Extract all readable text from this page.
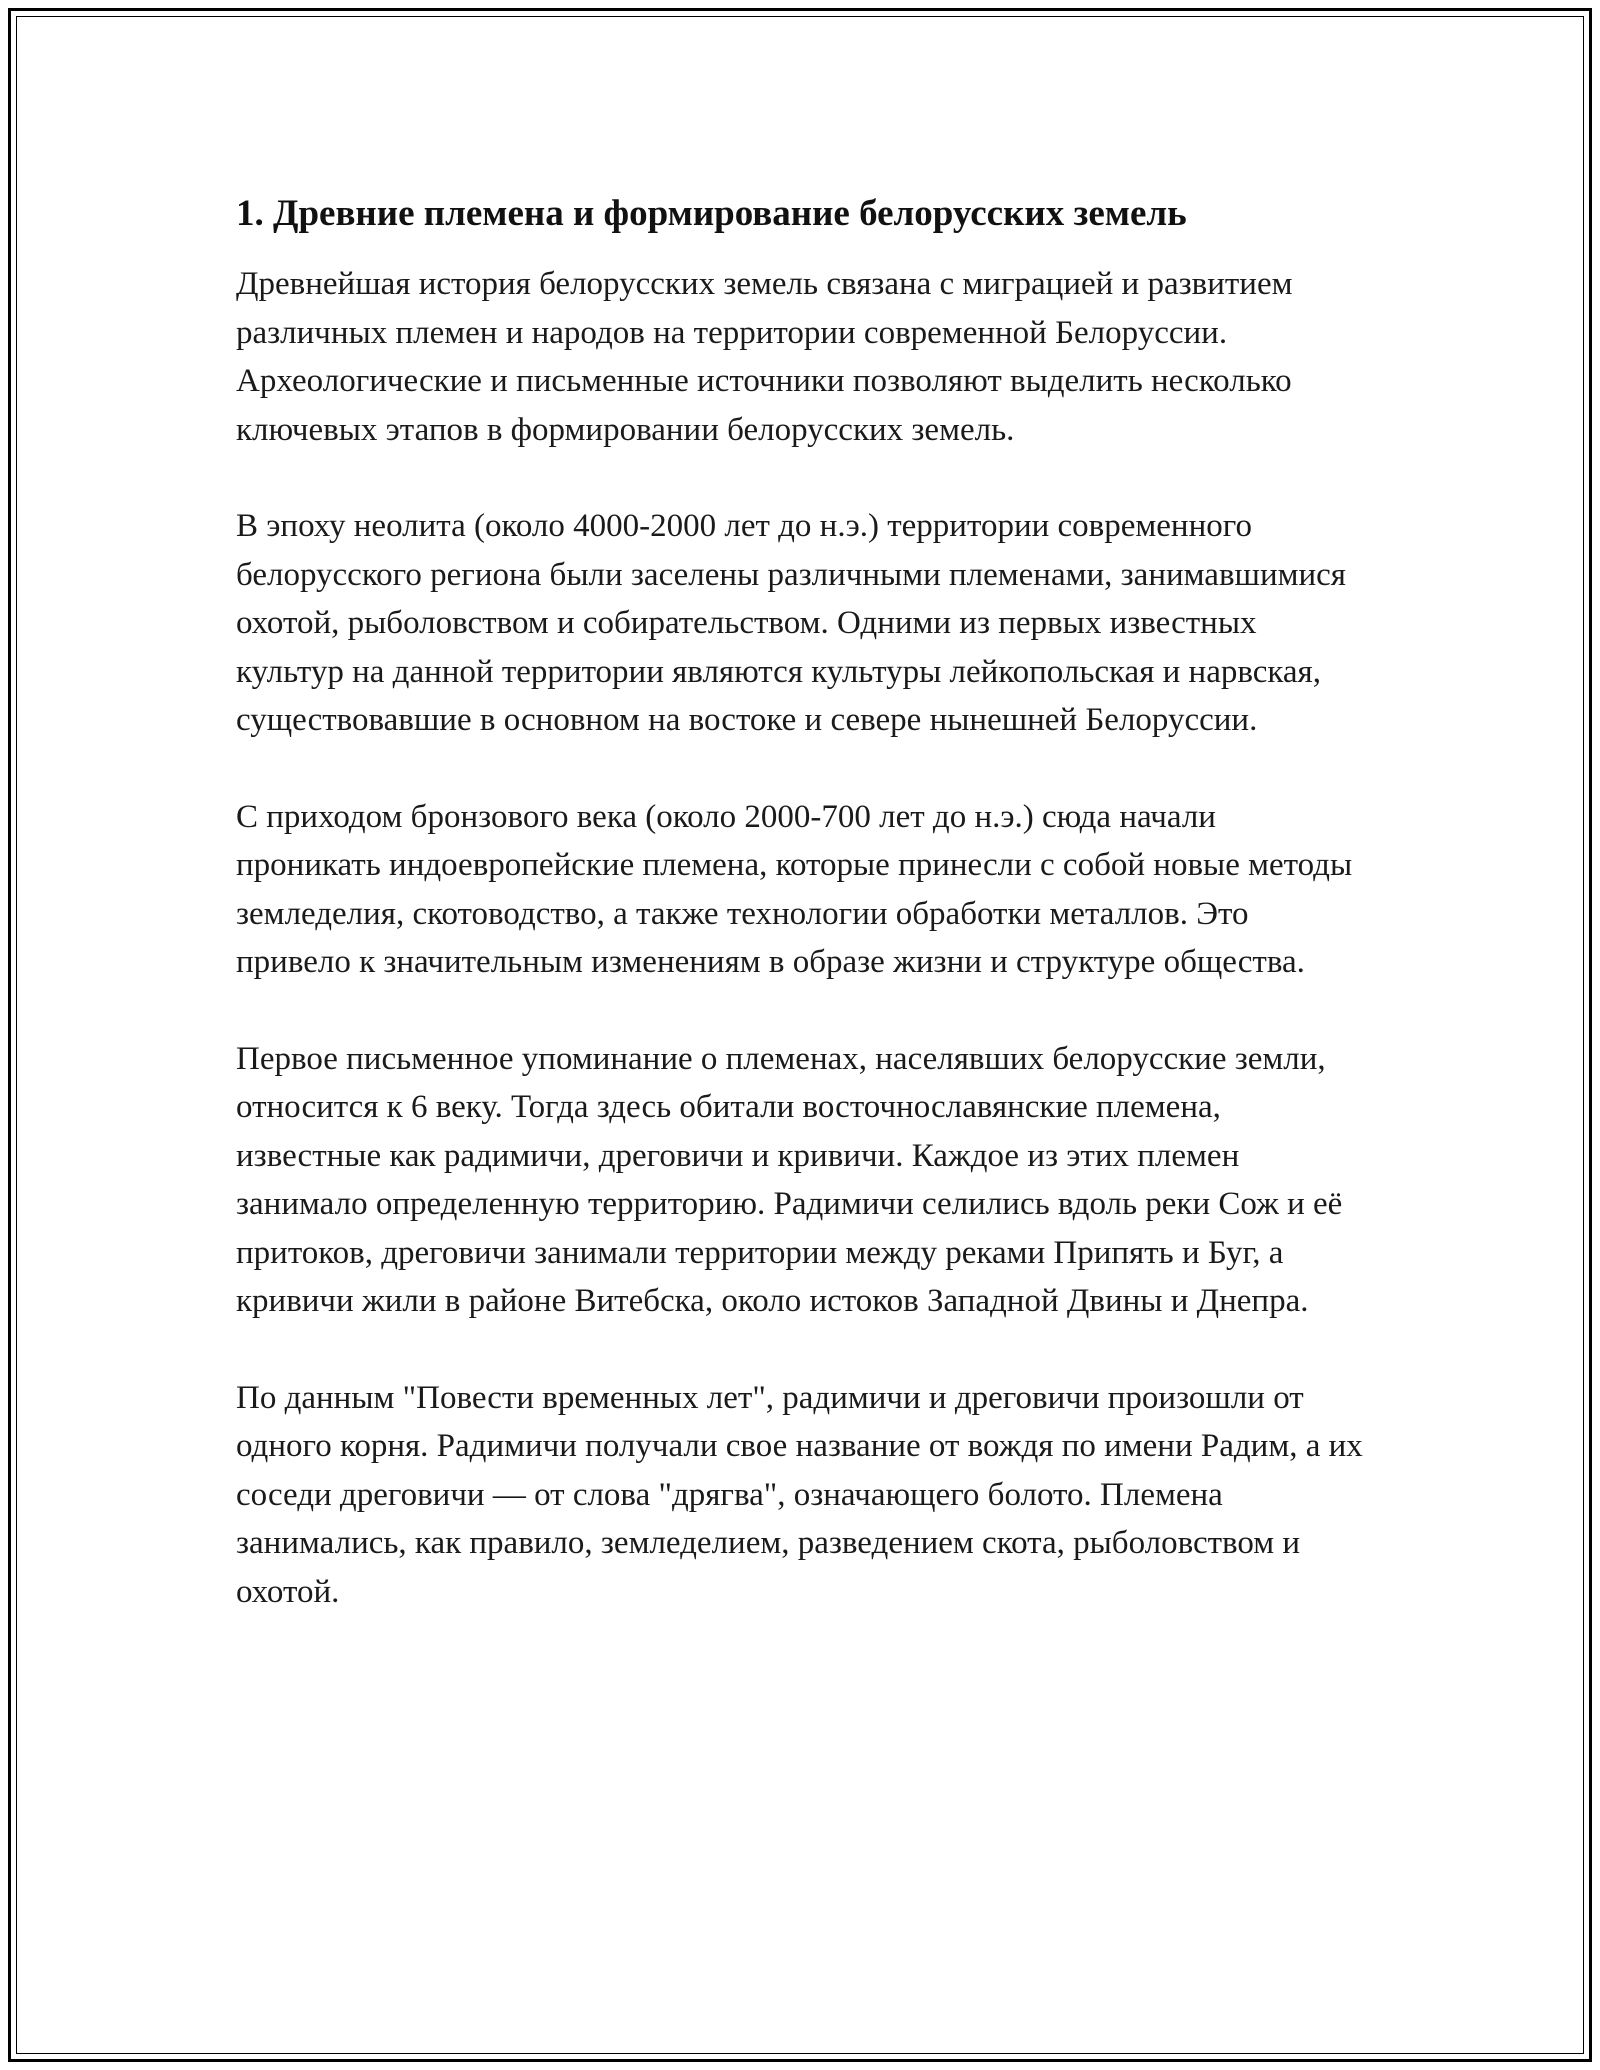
1. Древние племена и формирование белорусских земель

Древнейшая история белорусских земель связана с миграцией и развитием различных племен и народов на территории современной Белоруссии. Археологические и письменные источники позволяют выделить несколько ключевых этапов в формировании белорусских земель.

В эпоху неолита (около 4000-2000 лет до н.э.) территории современного белорусского региона были заселены различными племенами, занимавшимися охотой, рыболовством и собирательством. Одними из первых известных культур на данной территории являются культуры лейкопольская и нарвская, существовавшие в основном на востоке и севере нынешней Белоруссии.

С приходом бронзового века (около 2000-700 лет до н.э.) сюда начали проникать индоевропейские племена, которые принесли с собой новые методы земледелия, скотоводство, а также технологии обработки металлов. Это привело к значительным изменениям в образе жизни и структуре общества.

Первое письменное упоминание о племенах, населявших белорусские земли, относится к 6 веку. Тогда здесь обитали восточнославянские племена, известные как радимичи, дреговичи и кривичи. Каждое из этих племен занимало определенную территорию. Радимичи селились вдоль реки Сож и её притоков, дреговичи занимали территории между реками Припять и Буг, а кривичи жили в районе Витебска, около истоков Западной Двины и Днепра.

По данным "Повести временных лет", радимичи и дреговичи произошли от одного корня. Радимичи получали свое название от вождя по имени Радим, а их соседи дреговичи — от слова "дрягва", означающего болото. Племена занимались, как правило, земледелием, разведением скота, рыболовством и охотой.
